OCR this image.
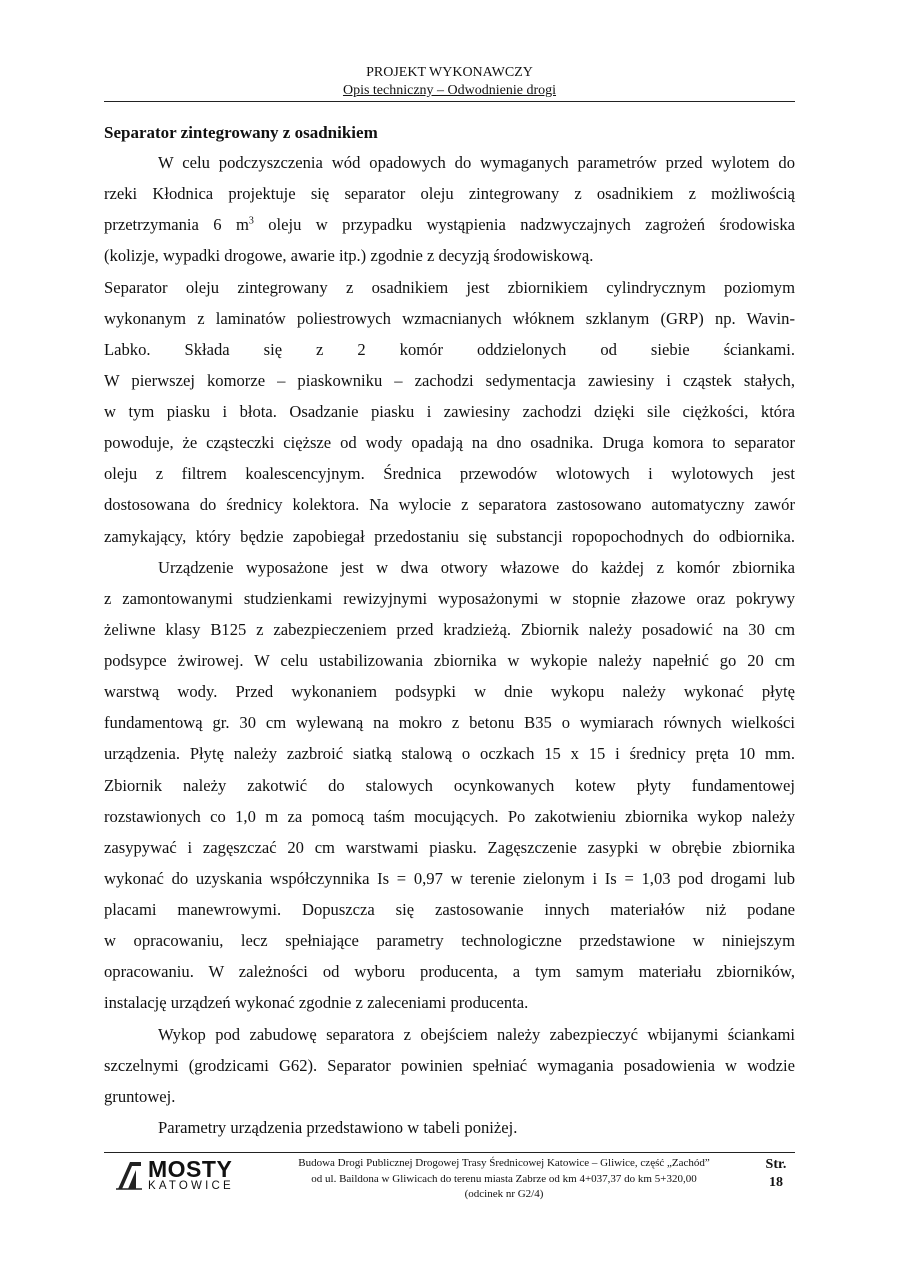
PROJEKT WYKONAWCZY
Opis techniczny – Odwodnienie drogi
Separator zintegrowany z osadnikiem
W celu podczyszczenia wód opadowych do wymaganych parametrów przed wylotem do
rzeki Kłodnica projektuje się separator oleju zintegrowany z osadnikiem z możliwością
przetrzymania 6 $m^3$ oleju w przypadku wystąpienia nadzwyczajnych zagrożeń środowiska
(kolizje, wypadki drogowe, awarie itp.) zgodnie z decyzją środowiskową.
Separator oleju zintegrowany z osadnikiem jest zbiornikiem cylindrycznym poziomym
wykonanym z laminatów poliestrowych wzmacnianych włóknem szklanym (GRP) np. Wavin-
Labko. Składa się z 2 komór oddzielonych od siebie ściankami.
W pierwszej komorze – piaskowniku – zachodzi sedymentacja zawiesiny i cząstek stałych,
w tym piasku i błota. Osadzanie piasku i zawiesiny zachodzi dzięki sile ciężkości, która
powoduje, że cząsteczki cięższe od wody opadają na dno osadnika. Druga komora to separator
oleju z filtrem koalescencyjnym. Średnica przewodów wlotowych i wylotowych jest
dostosowana do średnicy kolektora. Na wylocie z separatora zastosowano automatyczny zawór
zamykający, który będzie zapobiegał przedostaniu się substancji ropopochodnych do odbiornika.
Urządzenie wyposażone jest w dwa otwory włazowe do każdej z komór zbiornika
z zamontowanymi studzienkami rewizyjnymi wyposażonymi w stopnie złazowe oraz pokrywy
żeliwne klasy B125 z zabezpieczeniem przed kradzieżą. Zbiornik należy posadowić na 30 cm
podsypce żwirowej. W celu ustabilizowania zbiornika w wykopie należy napełnić go 20 cm
warstwą wody. Przed wykonaniem podsypki w dnie wykopu należy wykonać płytę
fundamentową gr. 30 cm wylewaną na mokro z betonu B35 o wymiarach równych wielkości
urządzenia. Płytę należy zazbroić siatką stalową o oczkach 15 x 15 i średnicy pręta 10 mm.
Zbiornik należy zakotwić do stalowych ocynkowanych kotew płyty fundamentowej
rozstawionych co 1,0 m za pomocą taśm mocujących. Po zakotwieniu zbiornika wykop należy
zasypywać i zagęszczać 20 cm warstwami piasku. Zagęszczenie zasypki w obrębie zbiornika
wykonać do uzyskania współczynnika Is = 0,97 w terenie zielonym i Is = 1,03 pod drogami lub
placami manewrowymi. Dopuszcza się zastosowanie innych materiałów niż podane
w opracowaniu, lecz spełniające parametry technologiczne przedstawione w niniejszym
opracowaniu. W zależności od wyboru producenta, a tym samym materiału zbiorników,
instalację urządzeń wykonać zgodnie z zaleceniami producenta.
Wykop pod zabudowę separatora z obejściem należy zabezpieczyć wbijanymi ściankami
szczelnymi (grodzicami G62). Separator powinien spełniać wymagania posadowienia w wodzie
gruntowej.
Parametry urządzenia przedstawiono w tabeli poniżej.
MOSTY
KATOWICE
Budowa Drogi Publicznej Drogowej Trasy Średnicowej Katowice – Gliwice, część „Zachód”
od ul. Baildona w Gliwicach do terenu miasta Zabrze od km 4+037,37 do km 5+320,00
(odcinek nr G2/4)
Str.
18
